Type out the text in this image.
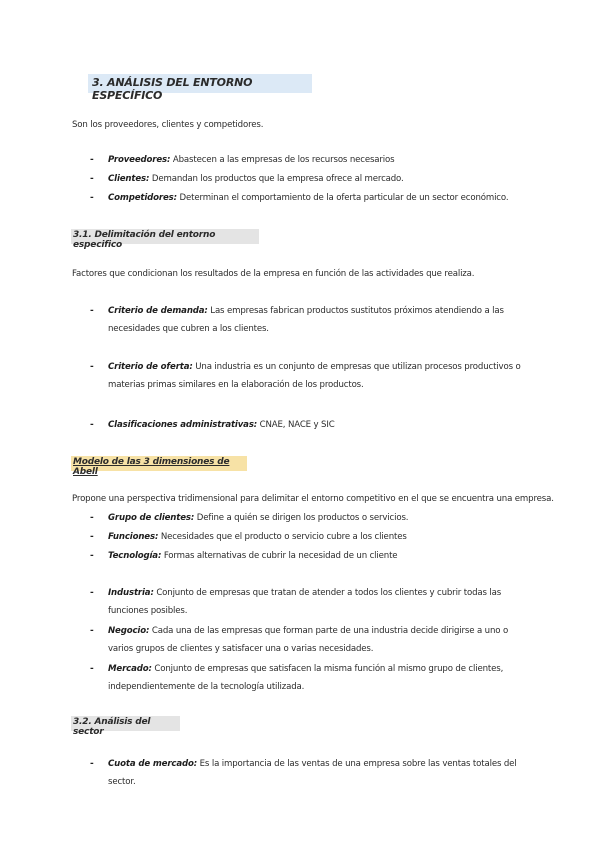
3. ANÁLISIS DEL ENTORNO ESPECÍFICO
Son los proveedores, clientes y competidores.
- Proveedores: Abastecen a las empresas de los recursos necesarios
- Clientes: Demandan los productos que la empresa ofrece al mercado.
- Competidores: Determinan el comportamiento de la oferta particular de un sector económico.
3.1. Delimitación del entorno especifico
Factores que condicionan los resultados de la empresa en función de las actividades que realiza.
- Criterio de demanda: Las empresas fabrican productos sustitutos próximos atendiendo a las necesidades que cubren a los clientes.
- Criterio de oferta: Una industria es un conjunto de empresas que utilizan procesos productivos o materias primas similares en la elaboración de los productos.
- Clasificaciones administrativas: CNAE, NACE y SIC
Modelo de las 3 dimensiones de Abell
Propone una perspectiva tridimensional para delimitar el entorno competitivo en el que se encuentra una empresa.
- Grupo de clientes: Define a quién se dirigen los productos o servicios.
- Funciones: Necesidades que el producto o servicio cubre a los clientes
- Tecnología: Formas alternativas de cubrir la necesidad de un cliente
- Industria: Conjunto de empresas que tratan de atender a todos los clientes y cubrir todas las funciones posibles.
- Negocio: Cada una de las empresas que forman parte de una industria decide dirigirse a uno o varios grupos de clientes y satisfacer una o varias necesidades.
- Mercado: Conjunto de empresas que satisfacen la misma función al mismo grupo de clientes, independientemente de la tecnología utilizada.
3.2. Análisis del sector
- Cuota de mercado: Es la importancia de las ventas de una empresa sobre las ventas totales del sector.
